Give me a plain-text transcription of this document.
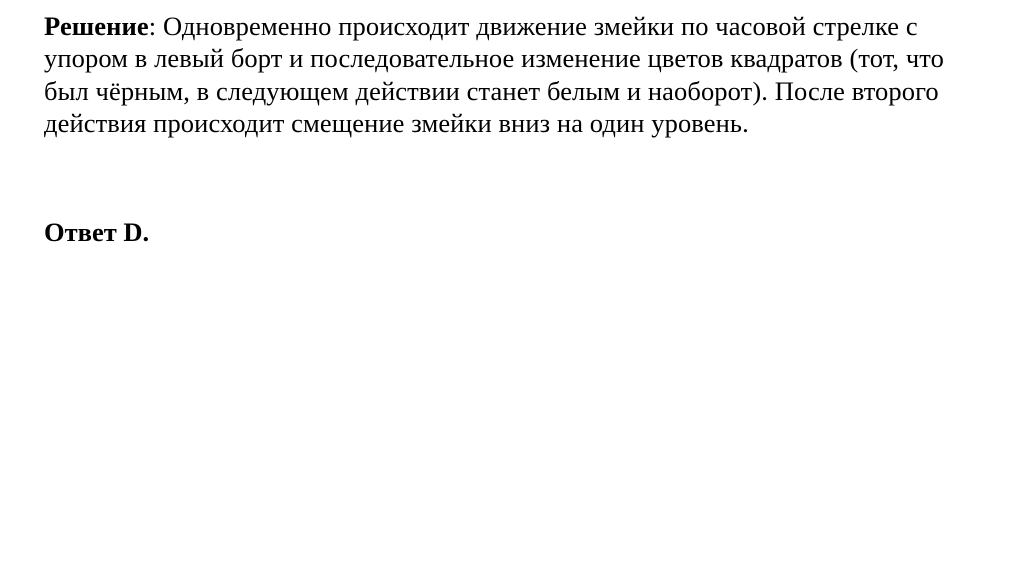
Решение: Одновременно происходит движение змейки по часовой стрелке с упором в левый борт и последовательное изменение цветов квадратов (тот, что был чёрным, в следующем действии станет белым и наоборот). После второго действия происходит смещение змейки вниз на один уровень.

Ответ D.
